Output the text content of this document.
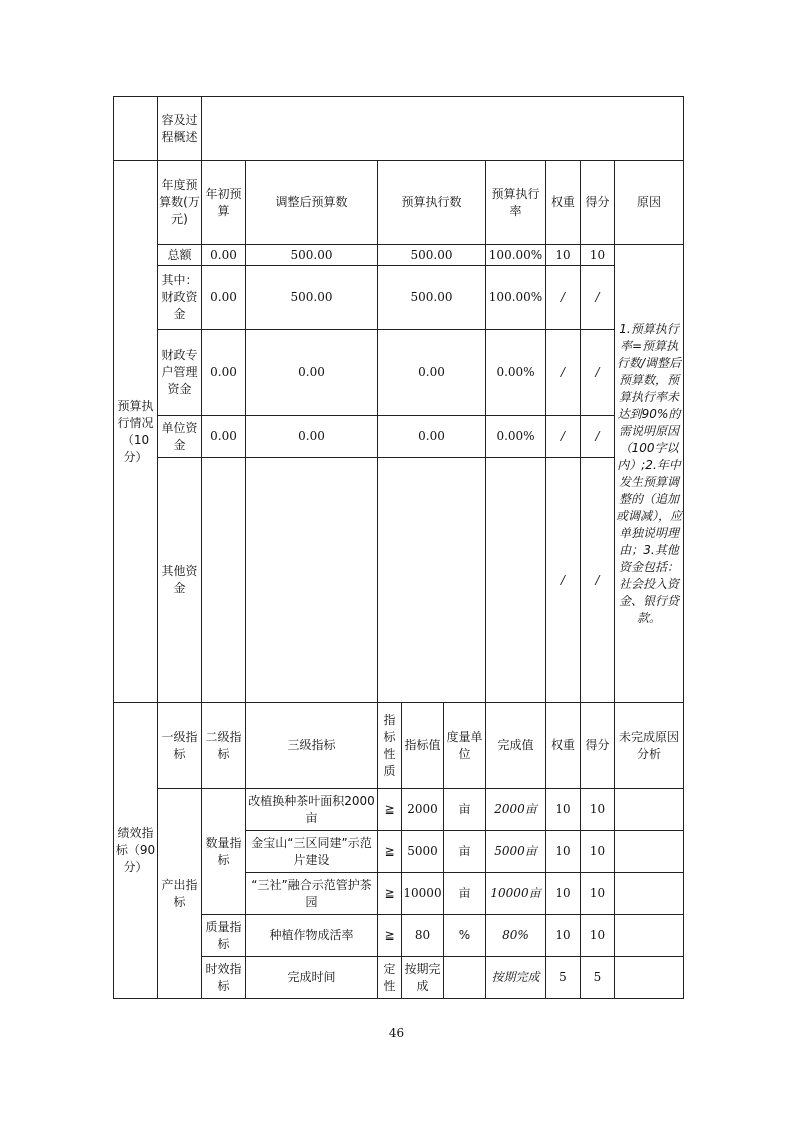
	容及过程概述									
预算执行情况（10分）	年度预算数(万元)	年初预算	调整后预算数	预算执行数			预算执行率	权重	得分	原因
	总额	0.00	500.00	500.00			100.00%	10	10	1.预算执行率=预算执行数/调整后预算数，预算执行率未达到90%的需说明原因（100字以内）;2.年中发生预算调整的（追加或调减），应单独说明理由；3.其他资金包括：社会投入资金、银行贷款。
	其中：财政资金	0.00	500.00	500.00			100.00%	/	/	
	财政专户管理资金	0.00	0.00	0.00			0.00%	/	/	
	单位资金	0.00	0.00	0.00			0.00%	/	/	
	其他资金							/	/	
绩效指标（90分）	一级指标	二级指标	三级指标	指标性质	指标值	度量单位	完成值	权重	得分	未完成原因分析
	产出指标	数量指标	改植换种茶叶面积2000亩	≧	2000	亩	2000亩	10	10	
			金宝山“三区同建”示范片建设	≧	5000	亩	5000亩	10	10	
			“三社”融合示范管护茶园	≧	10000	亩	10000亩	10	10	
		质量指标	种植作物成活率	≧	80	%	80%	10	10	
		时效指标	完成时间	定性	按期完成		按期完成	5	5	
46
